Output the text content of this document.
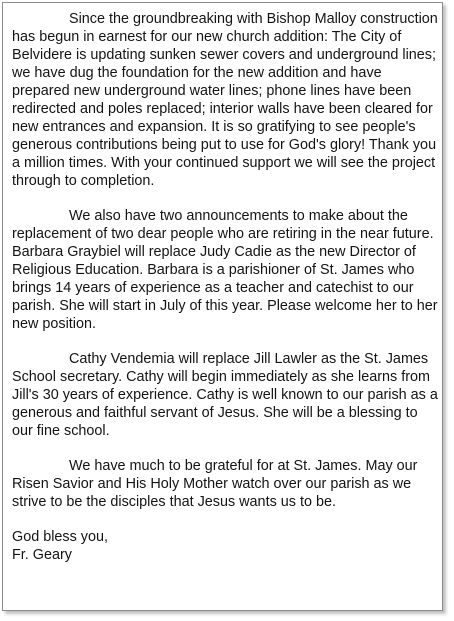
Since the groundbreaking with Bishop Malloy construction has begun in earnest for our new church addition: The City of Belvidere is updating sunken sewer covers and underground lines; we have dug the foundation for the new addition and have prepared new underground water lines; phone lines have been redirected and poles replaced; interior walls have been cleared for new entrances and expansion. It is so gratifying to see people's generous contributions being put to use for God's glory! Thank you a million times. With your continued support we will see the project through to completion.

We also have two announcements to make about the replacement of two dear people who are retiring in the near future. Barbara Graybiel will replace Judy Cadie as the new Director of Religious Education. Barbara is a parishioner of St. James who brings 14 years of experience as a teacher and catechist to our parish. She will start in July of this year. Please welcome her to her new position.

Cathy Vendemia will replace Jill Lawler as the St. James School secretary. Cathy will begin immediately as she learns from Jill's 30 years of experience. Cathy is well known to our parish as a generous and faithful servant of Jesus. She will be a blessing to our fine school.

We have much to be grateful for at St. James. May our Risen Savior and His Holy Mother watch over our parish as we strive to be the disciples that Jesus wants us to be.

God bless you,
Fr. Geary
